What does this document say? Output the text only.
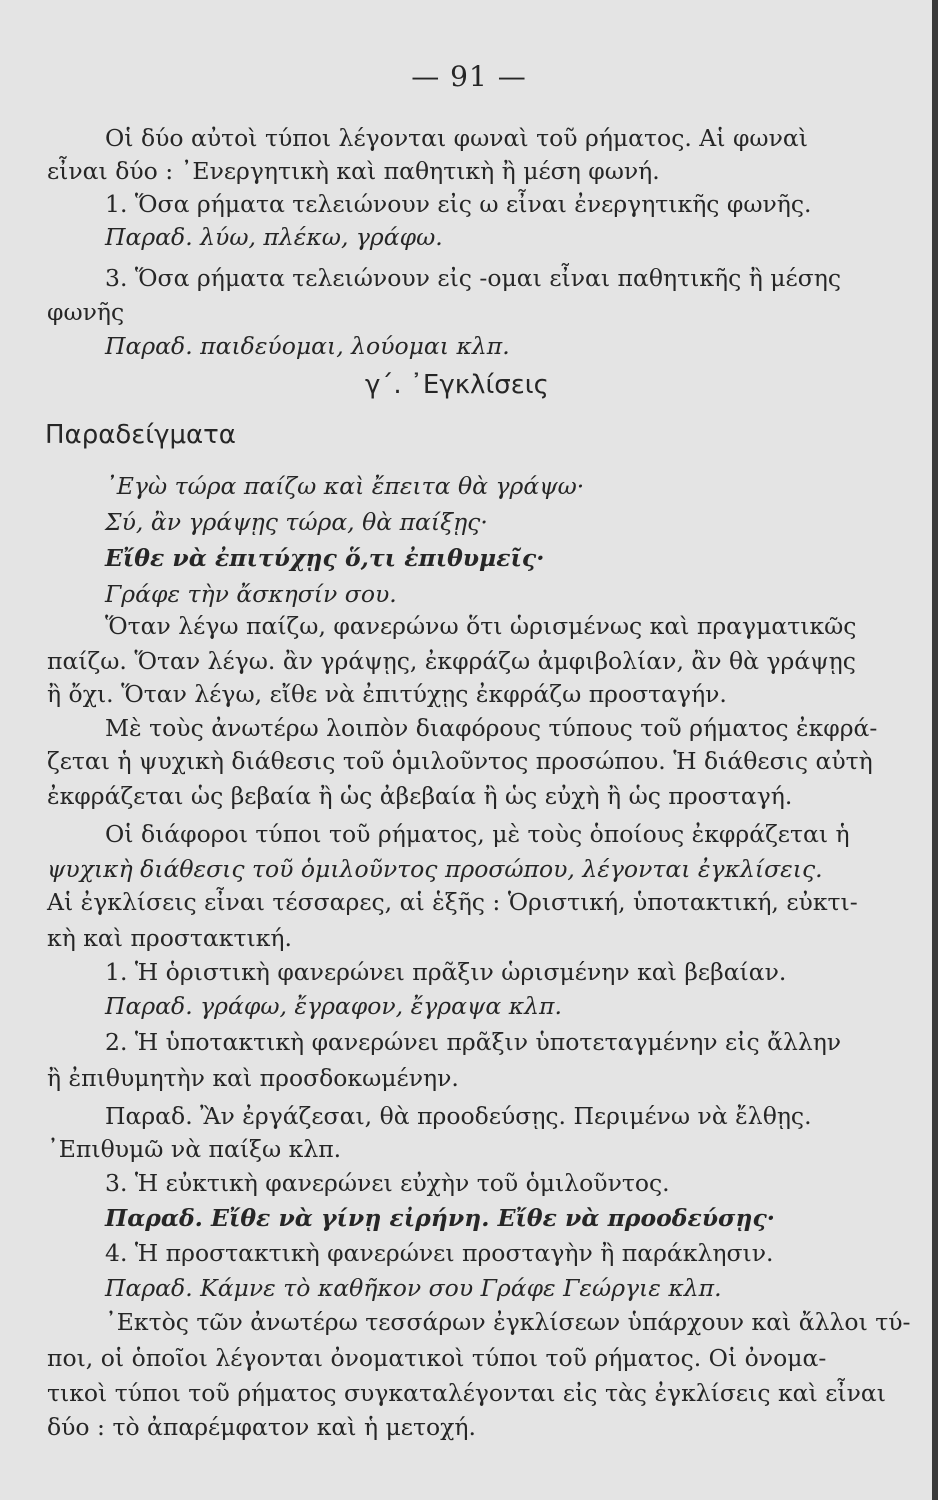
— 91 —
Οἱ δύο αὐτοὶ τύποι λέγονται φωναὶ τοῦ ρήματος. Αἱ φωναὶ
εἶναι δύο : ᾿Ενεργητικὴ καὶ παθητικὴ ἢ μέση φωνή.
1. Ὅσα ρήματα τελειώνουν εἰς ω εἶναι ἐνεργητικῆς φωνῆς.
Παραδ. λύω, πλέκω, γράφω.
3. Ὅσα ρήματα τελειώνουν εἰς -ομαι εἶναι παθητικῆς ἢ μέσης
φωνῆς
Παραδ. παιδεύομαι, λούομαι κλπ.
γ΄. ᾿Εγκλίσεις
Παραδείγματα
᾿Εγὼ τώρα παίζω καὶ ἔπειτα θὰ γράψω·
Σύ, ἂν γράψῃς τώρα, θὰ παίξῃς·
Εἴθε νὰ ἐπιτύχῃς ὅ,τι ἐπιθυμεῖς·
Γράφε τὴν ἄσκησίν σου.
Ὅταν λέγω παίζω, φανερώνω ὅτι ὡρισμένως καὶ πραγματικῶς
παίζω. Ὅταν λέγω. ἂν γράψῃς, ἐκφράζω ἀμφιβολίαν, ἂν θὰ γράψῃς
ἢ ὄχι. Ὅταν λέγω, εἴθε νὰ ἐπιτύχῃς ἐκφράζω προσταγήν.
Μὲ τοὺς ἀνωτέρω λοιπὸν διαφόρους τύπους τοῦ ρήματος ἐκφρά-
ζεται ἡ ψυχικὴ διάθεσις τοῦ ὁμιλοῦντος προσώπου. Ἡ διάθεσις αὐτὴ
ἐκφράζεται ὡς βεβαία ἢ ὡς ἀβεβαία ἢ ὡς εὐχὴ ἢ ὡς προσταγή.
Οἱ διάφοροι τύποι τοῦ ρήματος, μὲ τοὺς ὁποίους ἐκφράζεται ἡ
ψυχικὴ διάθεσις τοῦ ὁμιλοῦντος προσώπου, λέγονται ἐγκλίσεις.
Αἱ ἐγκλίσεις εἶναι τέσσαρες, αἱ ἑξῆς : Ὁριστική, ὑποτακτική, εὐκτι-
κὴ καὶ προστακτική.
1. Ἡ ὁριστικὴ φανερώνει πρᾶξιν ὡρισμένην καὶ βεβαίαν.
Παραδ. γράφω, ἔγραφον, ἔγραψα κλπ.
2. Ἡ ὑποτακτικὴ φανερώνει πρᾶξιν ὑποτεταγμένην εἰς ἄλλην
ἢ ἐπιθυμητὴν καὶ προσδοκωμένην.
Παραδ. Ἂν ἐργάζεσαι, θὰ προοδεύσῃς. Περιμένω νὰ ἔλθῃς.
᾿Επιθυμῶ νὰ παίξω κλπ.
3. Ἡ εὐκτικὴ φανερώνει εὐχὴν τοῦ ὁμιλοῦντος.
Παραδ. Εἴθε νὰ γίνῃ εἰρήνη. Εἴθε νὰ προοδεύσῃς·
4. Ἡ προστακτικὴ φανερώνει προσταγὴν ἢ παράκλησιν.
Παραδ. Κάμνε τὸ καθῆκον σου Γράφε Γεώργιε κλπ.
᾿Εκτὸς τῶν ἀνωτέρω τεσσάρων ἐγκλίσεων ὑπάρχουν καὶ ἄλλοι τύ-
ποι, οἱ ὁποῖοι λέγονται ὀνοματικοὶ τύποι τοῦ ρήματος. Οἱ ὀνομα-
τικοὶ τύποι τοῦ ρήματος συγκαταλέγονται εἰς τὰς ἐγκλίσεις καὶ εἶναι
δύο : τὸ ἀπαρέμφατον καὶ ἡ μετοχή.
